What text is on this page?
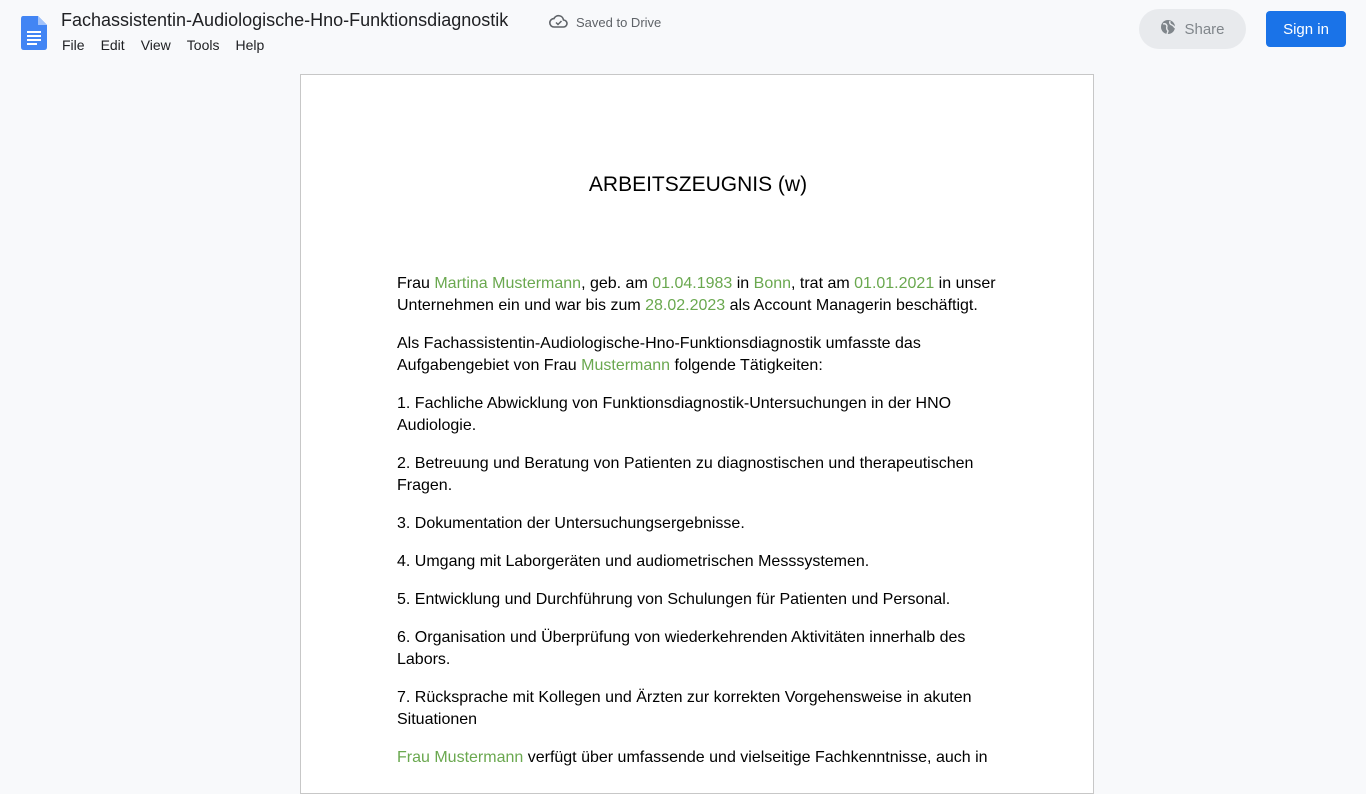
Fachassistentin-Audiologische-Hno-Funktionsdiagnostik	Saved to Drive
File Edit View Tools Help
Share	Sign in
ARBEITSZEUGNIS (w)

Frau Martina Mustermann, geb. am 01.04.1983 in Bonn, trat am 01.01.2021 in unser Unternehmen ein und war bis zum 28.02.2023 als Account Managerin beschäftigt.

Als Fachassistentin-Audiologische-Hno-Funktionsdiagnostik umfasste das Aufgabengebiet von Frau Mustermann folgende Tätigkeiten:

1. Fachliche Abwicklung von Funktionsdiagnostik-Untersuchungen in der HNO Audiologie.

2. Betreuung und Beratung von Patienten zu diagnostischen und therapeutischen Fragen.

3. Dokumentation der Untersuchungsergebnisse.

4. Umgang mit Laborgeräten und audiometrischen Messsystemen.

5. Entwicklung und Durchführung von Schulungen für Patienten und Personal.

6. Organisation und Überprüfung von wiederkehrenden Aktivitäten innerhalb des Labors.

7. Rücksprache mit Kollegen und Ärzten zur korrekten Vorgehensweise in akuten Situationen

Frau Mustermann verfügt über umfassende und vielseitige Fachkenntnisse, auch in
